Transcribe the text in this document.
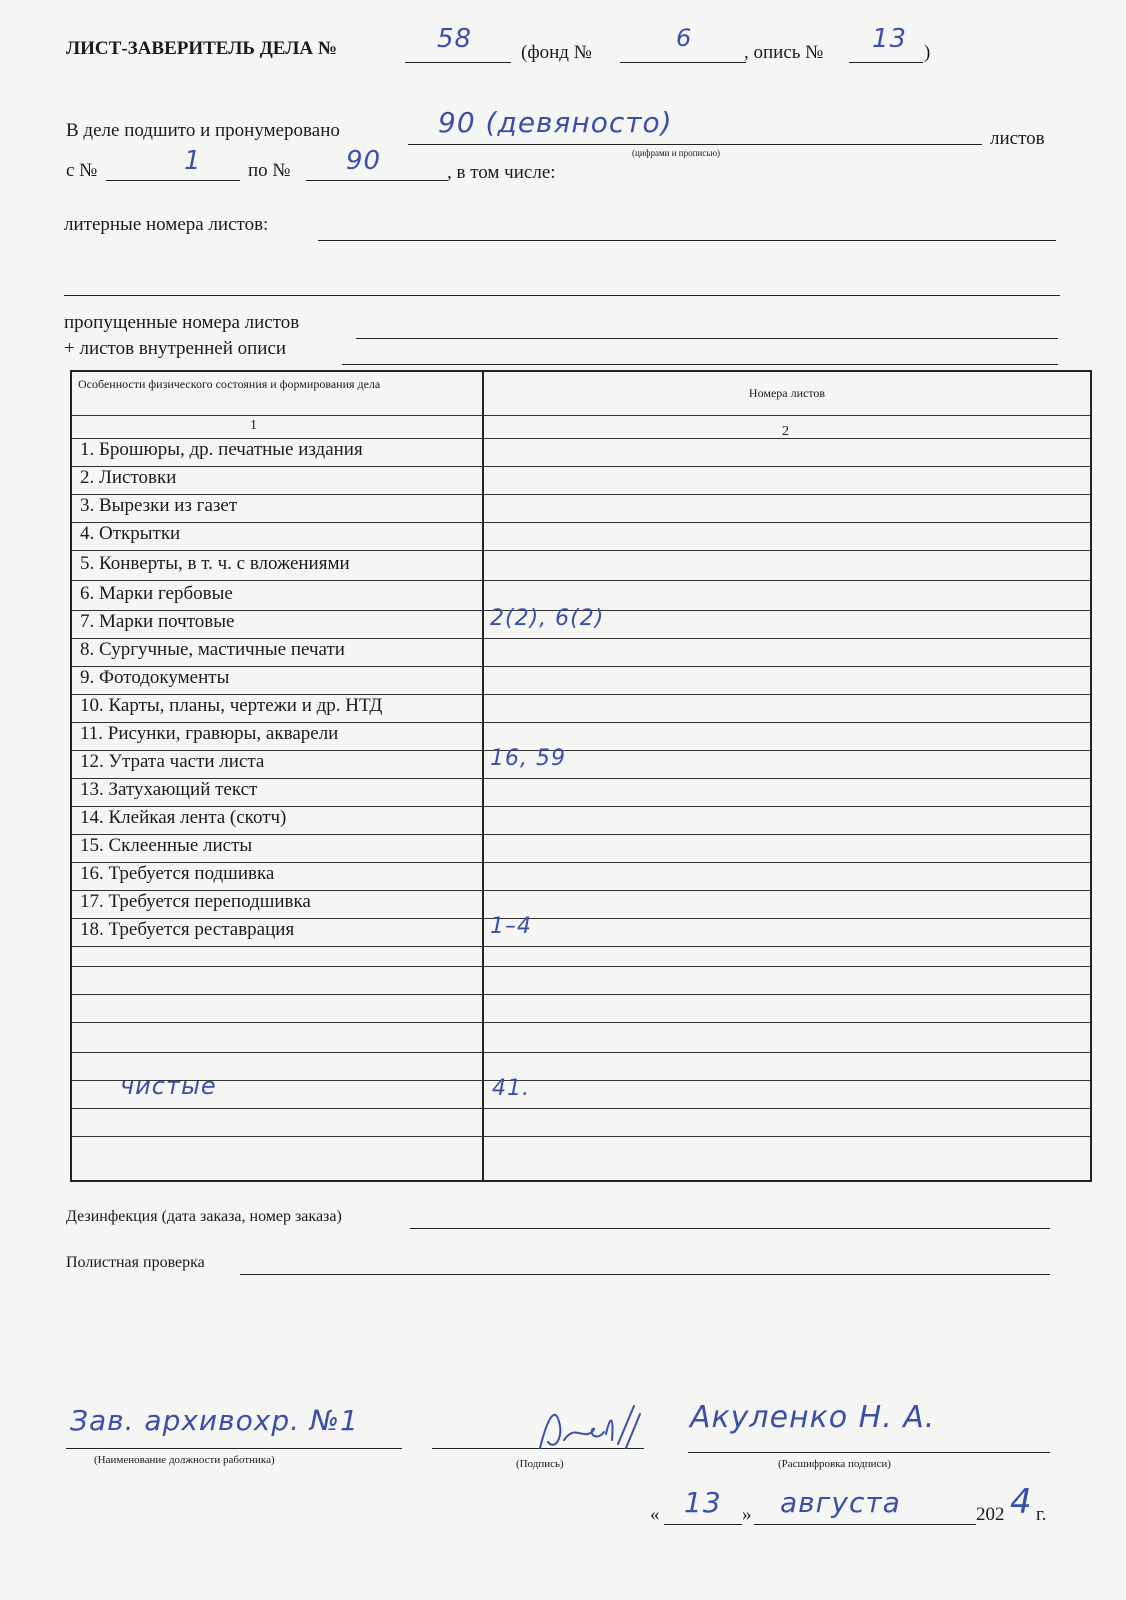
ЛИСТ-ЗАВЕРИТЕЛЬ ДЕЛА №	58	(фонд №
6
, опись № 13 )
В деле подшито и пронумеровано	90 (девяносто)	листов
(цифрами и прописью)
с №	1 по № 90	, в том числе:
литерные номера листов:
пропущенные номера листов
+ листов внутренней описи
Особенности физического состояния и формирования дела
Номера листов
1	2
1. Брошюры, др. печатные издания
2. Листовки
3. Вырезки из газет
4. Открытки
5. Конверты, в т. ч. с вложениями
6. Марки гербовые
7. Марки почтовые	2(2), 6(2)
8. Сургучные, мастичные печати
9. Фотодокументы
10. Карты, планы, чертежи и др. НТД
11. Рисунки, гравюры, акварели
12. Утрата части листа	16, 59
13. Затухающий текст
14. Клейкая лента (скотч)
15. Склеенные листы
16. Требуется подшивка
17. Требуется переподшивка
18. Требуется реставрация	1–4
чистые	41.
Дезинфекция (дата заказа, номер заказа)
Полистная проверка
Зав. архивохр. №1
(Наименование должности работника)	(Подпись)
Акуленко Н. А.
(Расшифровка подписи)
« 13 » августа	202 4 г.
